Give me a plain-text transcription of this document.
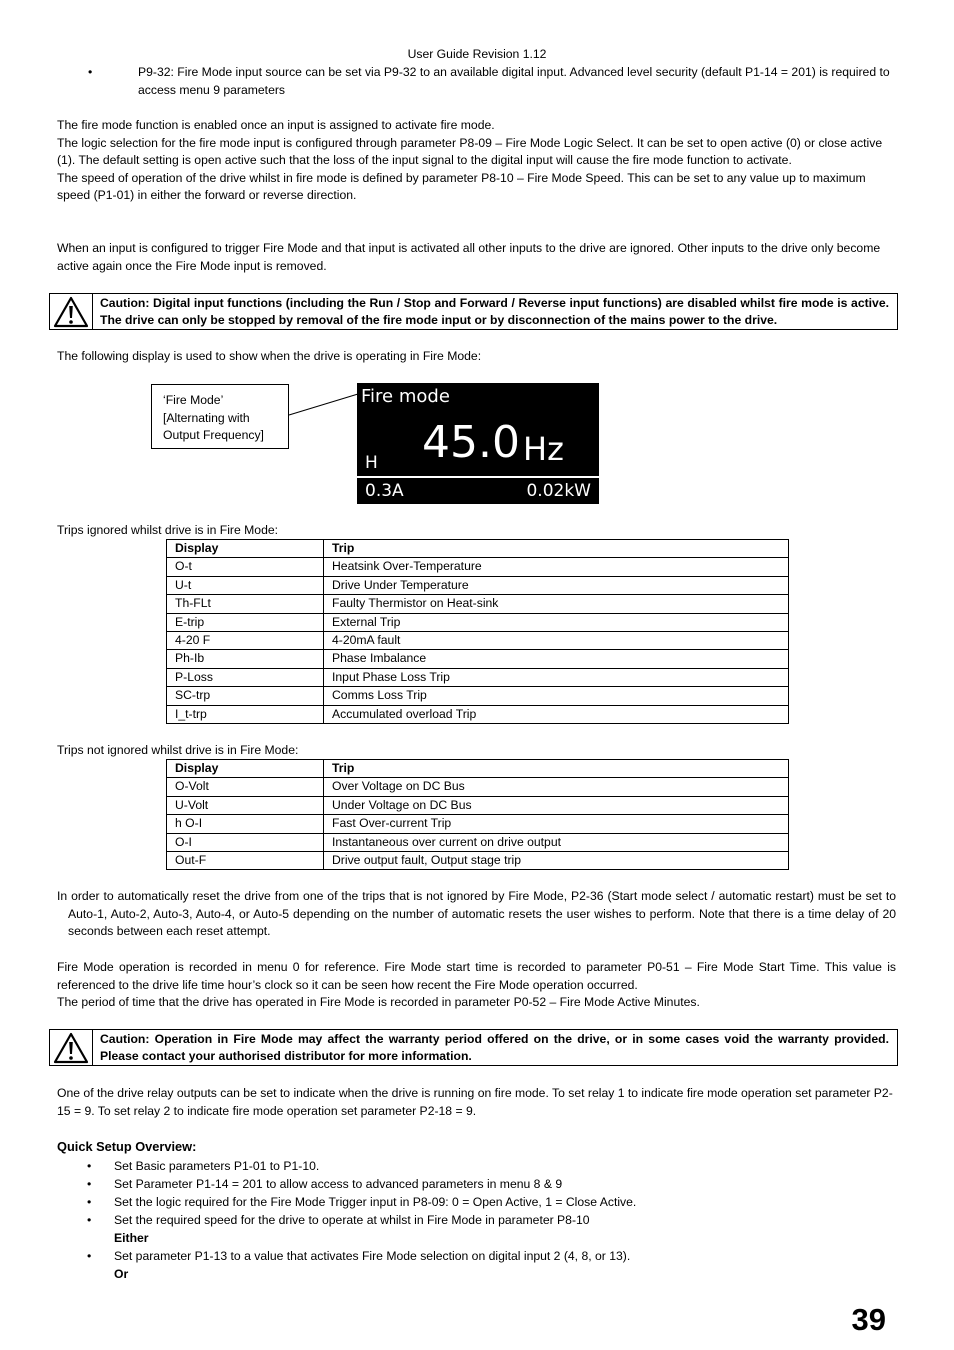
User Guide Revision 1.12
•	P9-32: Fire Mode input source can be set via P9-32 to an available digital input. Advanced level security (default P1-14 = 201) is required to access menu 9 parameters

The fire mode function is enabled once an input is assigned to activate fire mode.

The logic selection for the fire mode input is configured through parameter P8-09 – Fire Mode Logic Select. It can be set to open active (0) or close active (1). The default setting is open active such that the loss of the input signal to the digital input will cause the fire mode function to activate.

The speed of operation of the drive whilst in fire mode is defined by parameter P8-10 – Fire Mode Speed. This can be set to any value up to maximum speed (P1-01) in either the forward or reverse direction.

When an input is configured to trigger Fire Mode and that input is activated all other inputs to the drive are ignored. Other inputs to the drive only become active again once the Fire Mode input is removed.

Caution: Digital input functions (including the Run / Stop and Forward / Reverse input functions) are disabled whilst fire mode is active. The drive can only be stopped by removal of the fire mode input or by disconnection of the mains power to the drive.

The following display is used to show when the drive is operating in Fire Mode:

‘Fire Mode’
[Alternating with
Output Frequency]
Fire mode
45.0 Hz
H
0.3A	0.02kW

Trips ignored whilst drive is in Fire Mode:

Display	Trip
O-t	Heatsink Over-Temperature
U-t	Drive Under Temperature
Th-FLt	Faulty Thermistor on Heat-sink
E-trip	External Trip
4-20 F	4-20mA fault
Ph-Ib	Phase Imbalance
P-Loss	Input Phase Loss Trip
SC-trp	Comms Loss Trip
I_t-trp	Accumulated overload Trip

Trips not ignored whilst drive is in Fire Mode:

Display	Trip
O-Volt	Over Voltage on DC Bus
U-Volt	Under Voltage on DC Bus
h O-I	Fast Over-current Trip
O-I	Instantaneous over current on drive output
Out-F	Drive output fault, Output stage trip

In order to automatically reset the drive from one of the trips that is not ignored by Fire Mode, P2-36 (Start mode select / automatic restart) must be set to Auto-1, Auto-2, Auto-3, Auto-4, or Auto-5 depending on the number of automatic resets the user wishes to perform. Note that there is a time delay of 20 seconds between each reset attempt.

Fire Mode operation is recorded in menu 0 for reference. Fire Mode start time is recorded to parameter P0-51 – Fire Mode Start Time. This value is referenced to the drive life time hour’s clock so it can be seen how recent the Fire Mode operation occurred.

The period of time that the drive has operated in Fire Mode is recorded in parameter P0-52 – Fire Mode Active Minutes.

Caution: Operation in Fire Mode may affect the warranty period offered on the drive, or in some cases void the warranty provided. Please contact your authorised distributor for more information.

One of the drive relay outputs can be set to indicate when the drive is running on fire mode. To set relay 1 to indicate fire mode operation set parameter P2-15 = 9. To set relay 2 to indicate fire mode operation set parameter P2-18 = 9.

Quick Setup Overview:
•	Set Basic parameters P1-01 to P1-10.
•	Set Parameter P1-14 = 201 to allow access to advanced parameters in menu 8 & 9
•	Set the logic required for the Fire Mode Trigger input in P8-09: 0 = Open Active, 1 = Close Active.
•	Set the required speed for the drive to operate at whilst in Fire Mode in parameter P8-10
Either
•	Set parameter P1-13 to a value that activates Fire Mode selection on digital input 2 (4, 8, or 13).
Or
39
